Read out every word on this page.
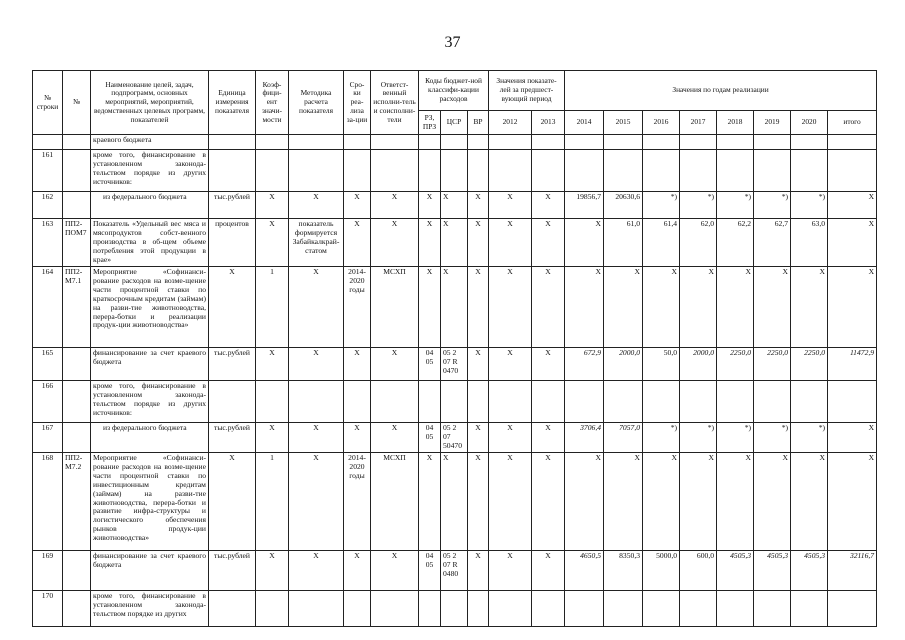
37
№ строки	№	Наименование целей, задач, подпрограмм, основных мероприятий, мероприятий, ведомственных целевых программ, показателей	Единица измерения показателя	Коэф-фици-ент значи-мости	Методика расчета показателя	Сро-ки реа-лиза за-ции	Ответст-венный исполни-тель и соисполни-тели	Коды бюджет-ной классифи-кации расходов			Значения показате-лей за предшест-вующий период		Значения по годам реализации							
								РЗ, ПРЗ	ЦСР	ВР	2012	2013	2014	2015	2016	2017	2018	2019	2020	итого
		краевого бюджета																		
161		кроме того, финансирование в установленном законода-тельством порядке из других источников:																		
162		из федерального бюджета	тыс.рублей	X	X	X	X	X	X	X	X	X	19856,7	20630,6	*)	*)	*)	*)	*)	X
163	ПП2-ПОМ7	Показатель «Удельный вес мяса и мясопродуктов собст-венного производства в об-щем объеме потребления этой продукции в крае»	процентов	X	показатель формируется Забайкалкрай-статом	X	X	X	X	X	X	X	X	61,0	61,4	62,0	62,2	62,7	63,0	X
164	ПП2-М7.1	Мероприятие «Софинанси-рование расходов на возме-щение части процентной ставки по краткосрочным кредитам (займам) на разви-тие животноводства, перера-ботки и реализации продук-ции животноводства»	X	1	X	2014-2020 годы	МСХП	X	X	X	X	X	X	X	X	X	X	X	X	X
165		финансирование за счет краевого бюджета	тыс.рублей	X	X	X	X	04 05	05 2 07 R 0470	X	X	X	672,9	2000,0	50,0	2000,0	2250,0	2250,0	2250,0	11472,9
166		кроме того, финансирование в установленном законода-тельством порядке из других источников:																		
167		из федерального бюджета	тыс.рублей	X	X	X	X	04 05	05 2 07 50470	X	X	X	3706,4	7057,0	*)	*)	*)	*)	*)	X
168	ПП2-М7.2	Мероприятие «Софинанси-рование расходов на возме-щение части процентной ставки по инвестиционным кредитам (займам) на разви-тие животноводства, перера-ботки и развитие инфра-структуры и логистического обеспечения рынков продук-ции животноводства»	X	1	X	2014-2020 годы	МСХП	X	X	X	X	X	X	X	X	X	X	X	X	X
169		финансирование за счет краевого бюджета	тыс.рублей	X	X	X	X	04 05	05 2 07 R 0480	X	X	X	4650,5	8350,3	5000,0	600,0	4505,3	4505,3	4505,3	32116,7
170		кроме того, финансирование в установленном законода-тельством порядке из других																		
